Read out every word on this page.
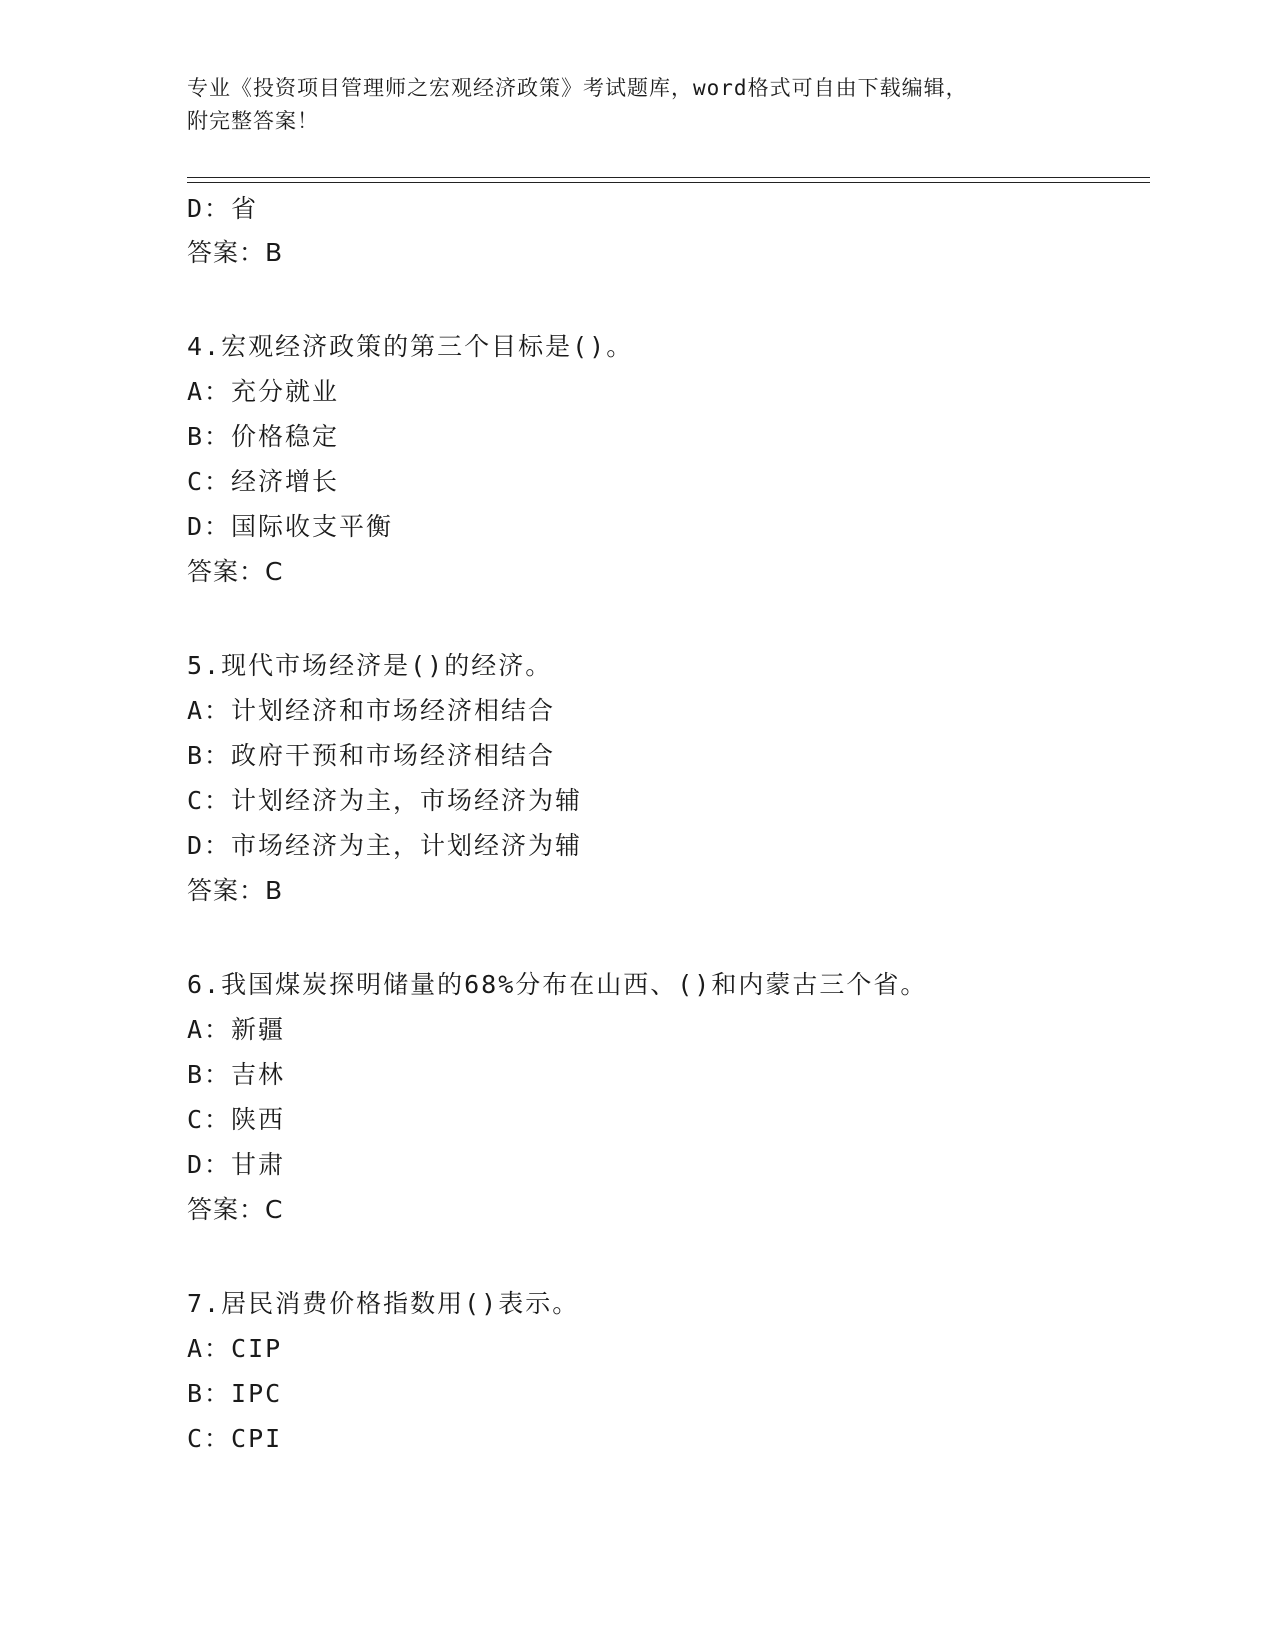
专业《投资项目管理师之宏观经济政策》考试题库，word格式可自由下载编辑，
附完整答案！
D：省
答案：B
4.宏观经济政策的第三个目标是()。
A：充分就业
B：价格稳定
C：经济增长
D：国际收支平衡
答案：C
5.现代市场经济是()的经济。
A：计划经济和市场经济相结合
B：政府干预和市场经济相结合
C：计划经济为主，市场经济为辅
D：市场经济为主，计划经济为辅
答案：B
6.我国煤炭探明储量的68%分布在山西、()和内蒙古三个省。
A：新疆
B：吉林
C：陕西
D：甘肃
答案：C
7.居民消费价格指数用()表示。
A：CIP
B：IPC
C：CPI
